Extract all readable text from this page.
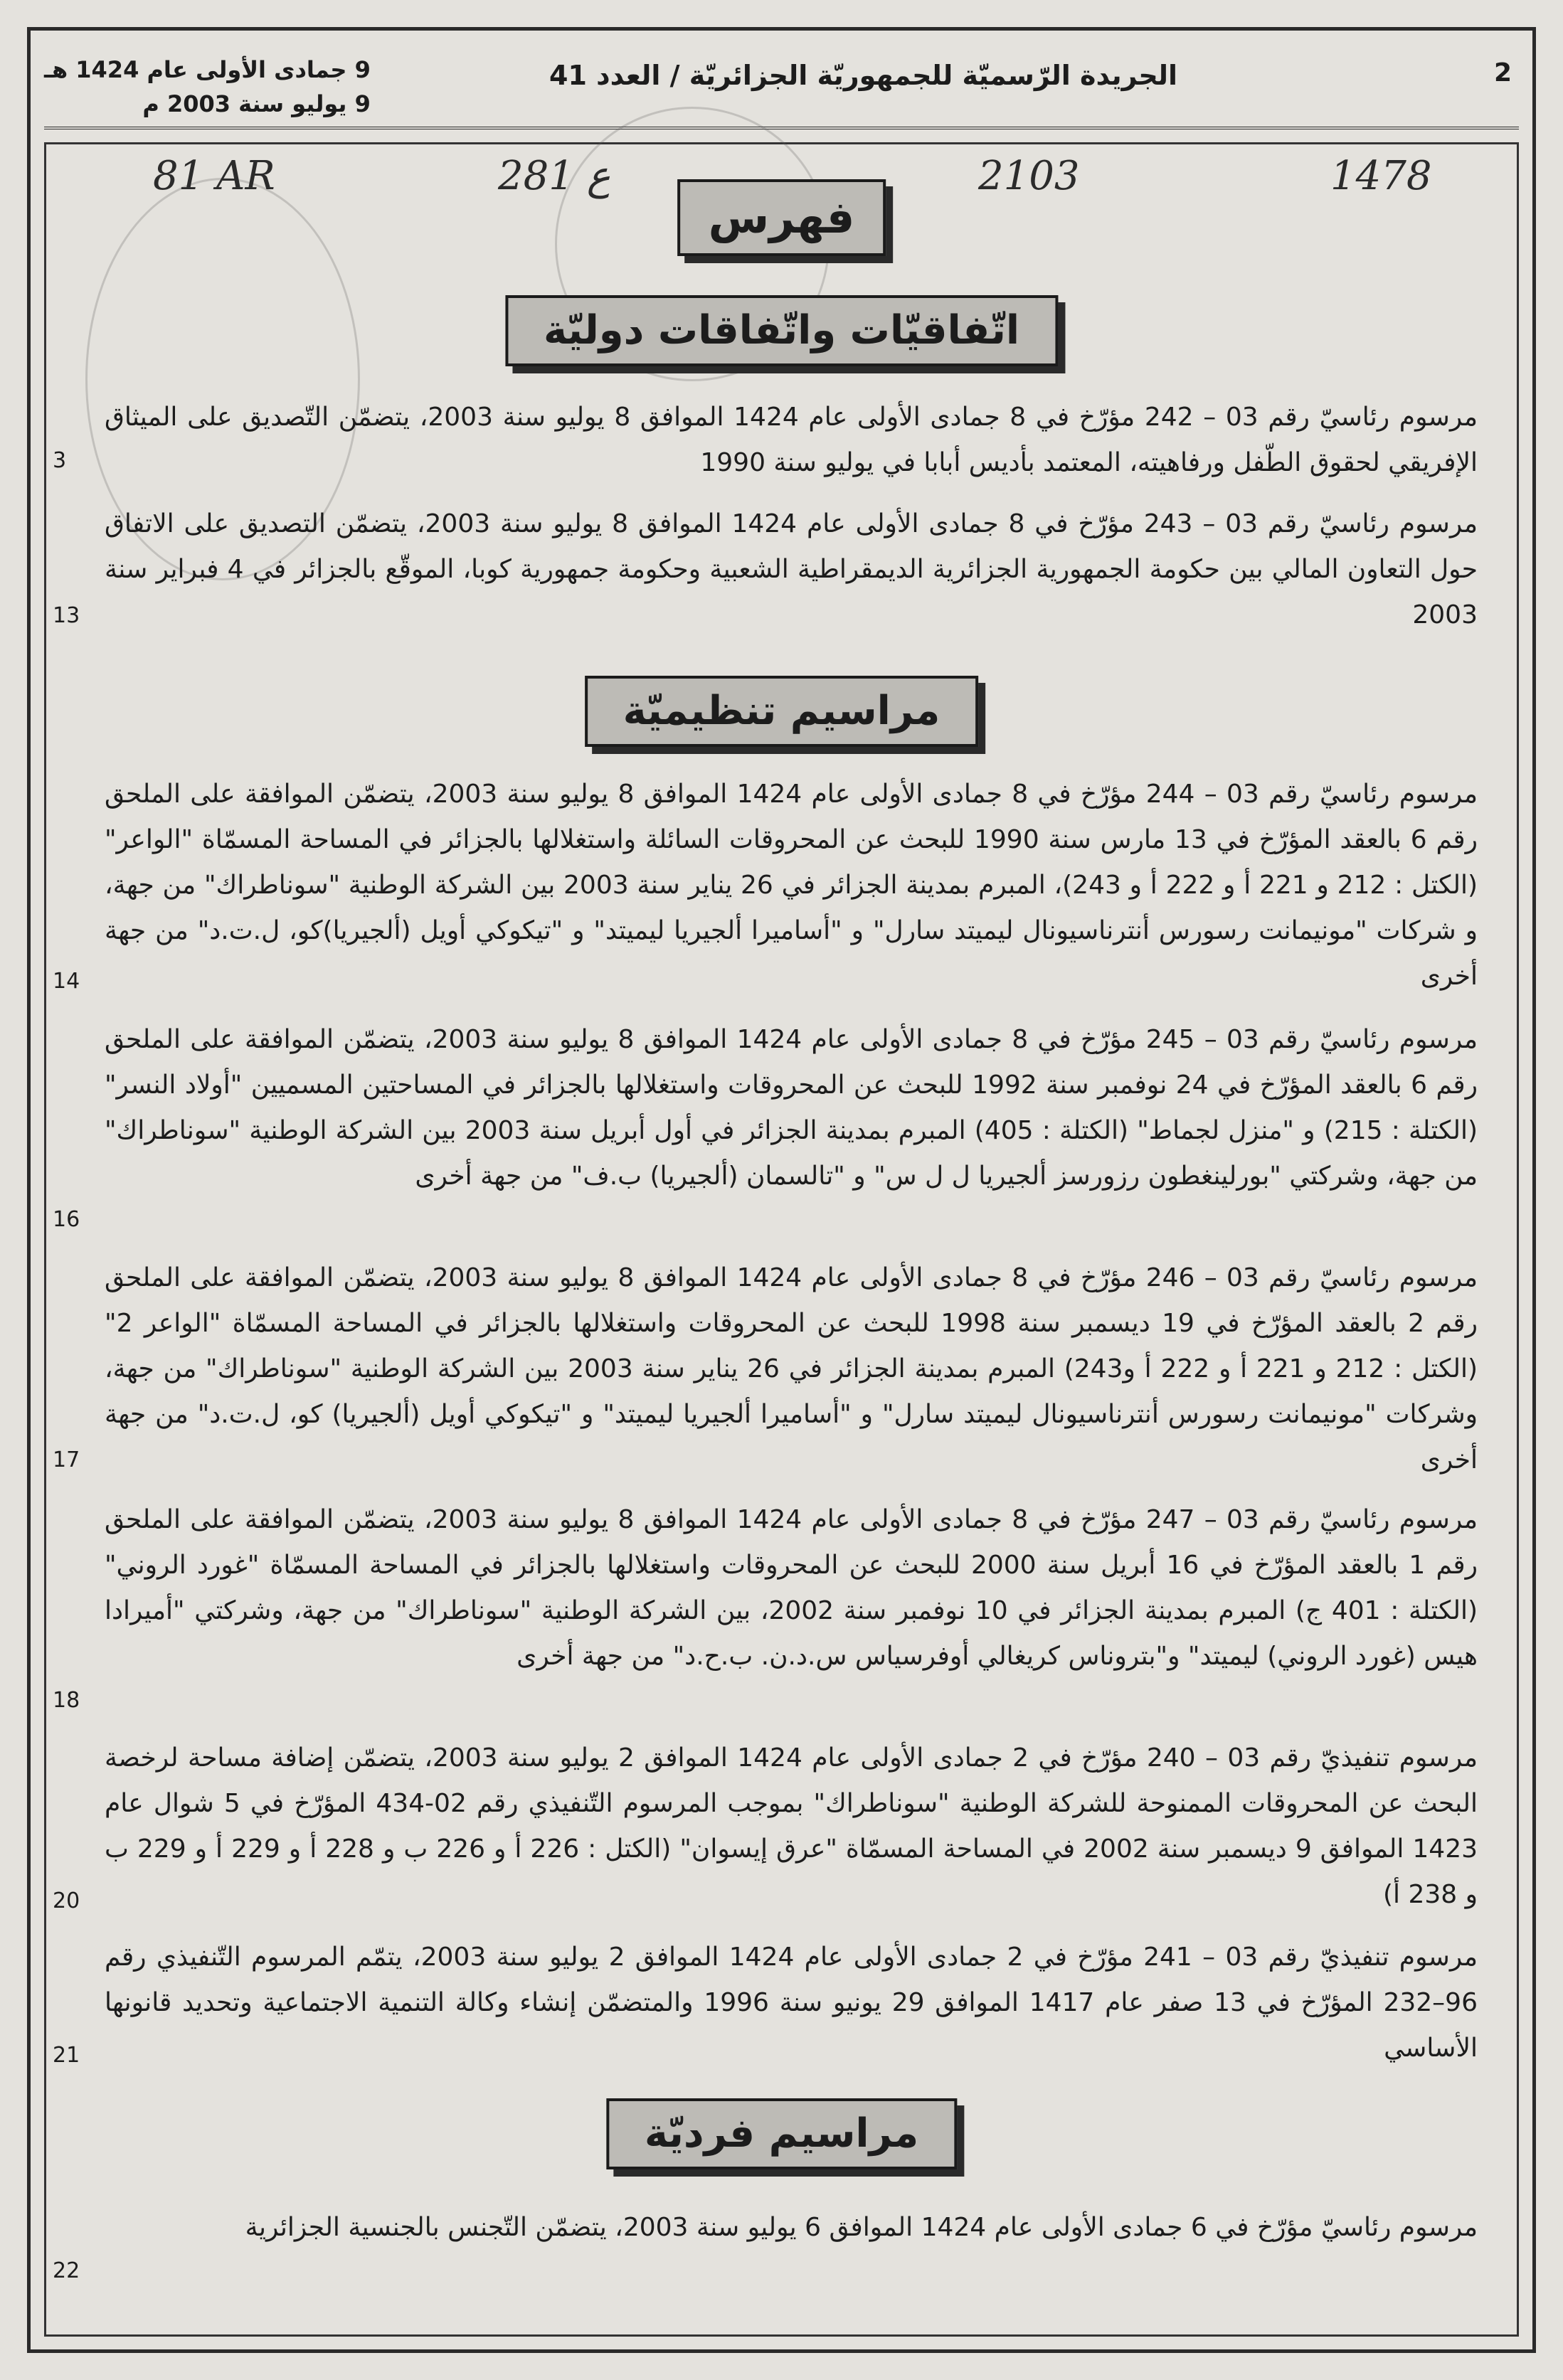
2
الجريدة الرّسميّة للجمهوريّة الجزائريّة / العدد 41
9 جمادى الأولى عام 1424 هـ
9 يوليو سنة 2003 م
1478
2103
281 ع
81 AR
فهرس
اتّفاقيّات واتّفاقات دوليّة
مرسوم رئاسيّ رقم 03 – 242 مؤرّخ في 8 جمادى الأولى عام 1424 الموافق 8 يوليو سنة 2003، يتضمّن التّصديق على الميثاق الإفريقي لحقوق الطّفل ورفاهيته، المعتمد بأديس أبابا في يوليو سنة 1990
3
مرسوم رئاسيّ رقم 03 – 243 مؤرّخ في 8 جمادى الأولى عام 1424 الموافق 8 يوليو سنة 2003، يتضمّن التصديق على الاتفاق حول التعاون المالي بين حكومة الجمهورية الجزائرية الديمقراطية الشعبية وحكومة جمهورية كوبا، الموقّع بالجزائر في 4 فبراير سنة 2003
13
مراسيم تنظيميّة
مرسوم رئاسيّ رقم 03 – 244 مؤرّخ في 8 جمادى الأولى عام 1424 الموافق 8 يوليو سنة 2003، يتضمّن الموافقة على الملحق رقم 6 بالعقد المؤرّخ في 13 مارس سنة 1990 للبحث عن المحروقات السائلة واستغلالها بالجزائر في المساحة المسمّاة "الواعر" (الكتل : 212 و 221 أ و 222 أ و 243)، المبرم بمدينة الجزائر في 26 يناير سنة 2003 بين الشركة الوطنية "سوناطراك" من جهة، و شركات "مونيمانت رسورس أنترناسيونال ليميتد سارل" و "أساميرا ألجيريا ليميتد" و "تيكوكي أويل (ألجيريا)كو، ل.ت.د" من جهة أخرى
14
مرسوم رئاسيّ رقم 03 – 245 مؤرّخ في 8 جمادى الأولى عام 1424 الموافق 8 يوليو سنة 2003، يتضمّن الموافقة على الملحق رقم 6 بالعقد المؤرّخ في 24 نوفمبر سنة 1992 للبحث عن المحروقات واستغلالها بالجزائر في المساحتين المسميين "أولاد النسر" (الكتلة : 215) و "منزل لجماط" (الكتلة : 405) المبرم بمدينة الجزائر في أول أبريل سنة 2003 بين الشركة الوطنية "سوناطراك" من جهة، وشركتي "بورلينغطون رزورسز ألجيريا ل ل س" و "تالسمان (ألجيريا) ب.ف" من جهة أخرى
16
مرسوم رئاسيّ رقم 03 – 246 مؤرّخ في 8 جمادى الأولى عام 1424 الموافق 8 يوليو سنة 2003، يتضمّن الموافقة على الملحق رقم 2 بالعقد المؤرّخ في 19 ديسمبر سنة 1998 للبحث عن المحروقات واستغلالها بالجزائر في المساحة المسمّاة "الواعر 2" (الكتل : 212 و 221 أ و 222 أ و243) المبرم بمدينة الجزائر في 26 يناير سنة 2003 بين الشركة الوطنية "سوناطراك" من جهة، وشركات "مونيمانت رسورس أنترناسيونال ليميتد سارل" و "أساميرا ألجيريا ليميتد" و "تيكوكي أويل (ألجيريا) كو، ل.ت.د" من جهة أخرى
17
مرسوم رئاسيّ رقم 03 – 247 مؤرّخ في 8 جمادى الأولى عام 1424 الموافق 8 يوليو سنة 2003، يتضمّن الموافقة على الملحق رقم 1 بالعقد المؤرّخ في 16 أبريل سنة 2000 للبحث عن المحروقات واستغلالها بالجزائر في المساحة المسمّاة "غورد الروني" (الكتلة : 401 ج) المبرم بمدينة الجزائر في 10 نوفمبر سنة 2002، بين الشركة الوطنية "سوناطراك" من جهة، وشركتي "أميرادا هيس (غورد الروني) ليميتد" و"بتروناس كريغالي أوفرسياس س.د.ن. ب.ح.د" من جهة أخرى
18
مرسوم تنفيذيّ رقم 03 – 240 مؤرّخ في 2 جمادى الأولى عام 1424 الموافق 2 يوليو سنة 2003، يتضمّن إضافة مساحة لرخصة البحث عن المحروقات الممنوحة للشركة الوطنية "سوناطراك" بموجب المرسوم التّنفيذي رقم 02-434 المؤرّخ في 5 شوال عام 1423 الموافق 9 ديسمبر سنة 2002 في المساحة المسمّاة "عرق إيسوان" (الكتل : 226 أ و 226 ب و 228 أ و 229 أ و 229 ب و 238 أ)
20
مرسوم تنفيذيّ رقم 03 – 241 مؤرّخ في 2 جمادى الأولى عام 1424 الموافق 2 يوليو سنة 2003، يتمّم المرسوم التّنفيذي رقم 96–232 المؤرّخ في 13 صفر عام 1417 الموافق 29 يونيو سنة 1996 والمتضمّن إنشاء وكالة التنمية الاجتماعية وتحديد قانونها الأساسي
21
مراسيم فرديّة
مرسوم رئاسيّ مؤرّخ في 6 جمادى الأولى عام 1424 الموافق 6 يوليو سنة 2003، يتضمّن التّجنس بالجنسية الجزائرية
22
